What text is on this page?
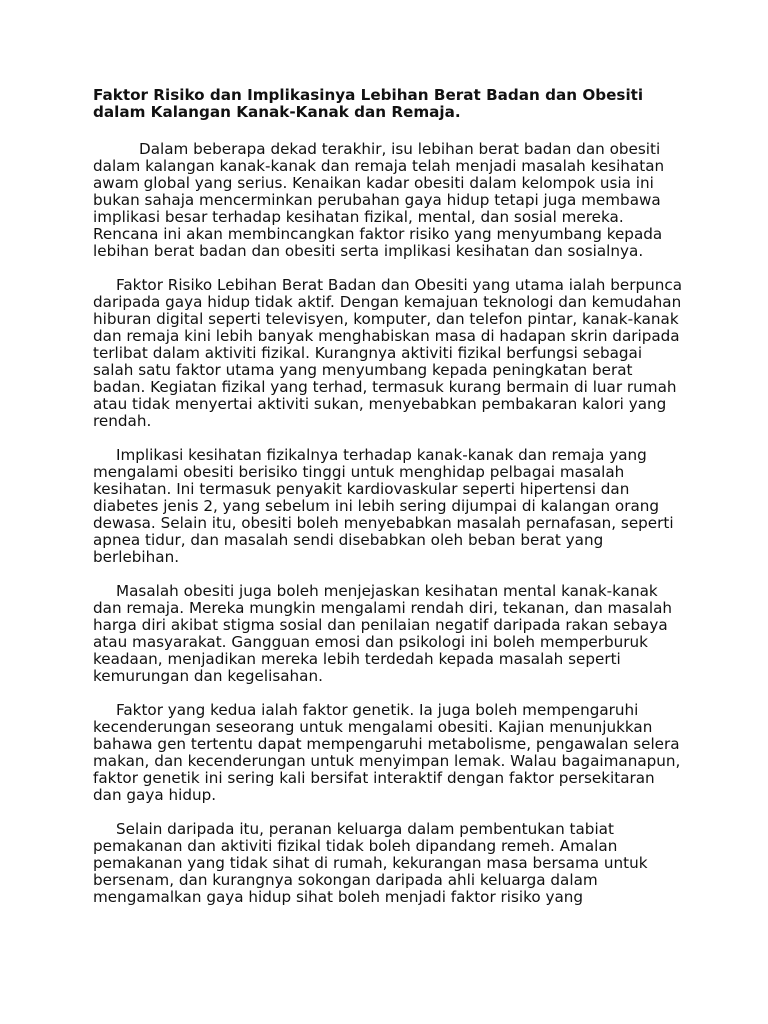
Faktor Risiko dan Implikasinya Lebihan Berat Badan dan Obesiti dalam Kalangan Kanak-Kanak dan Remaja.
Dalam beberapa dekad terakhir, isu lebihan berat badan dan obesiti dalam kalangan kanak-kanak dan remaja telah menjadi masalah kesihatan awam global yang serius. Kenaikan kadar obesiti dalam kelompok usia ini bukan sahaja mencerminkan perubahan gaya hidup tetapi juga membawa implikasi besar terhadap kesihatan fizikal, mental, dan sosial mereka. Rencana ini akan membincangkan faktor risiko yang menyumbang kepada lebihan berat badan dan obesiti serta implikasi kesihatan dan sosialnya.
Faktor Risiko Lebihan Berat Badan dan Obesiti yang utama ialah berpunca daripada gaya hidup tidak aktif. Dengan kemajuan teknologi dan kemudahan hiburan digital seperti televisyen, komputer, dan telefon pintar, kanak-kanak dan remaja kini lebih banyak menghabiskan masa di hadapan skrin daripada terlibat dalam aktiviti fizikal. Kurangnya aktiviti fizikal berfungsi sebagai salah satu faktor utama yang menyumbang kepada peningkatan berat badan. Kegiatan fizikal yang terhad, termasuk kurang bermain di luar rumah atau tidak menyertai aktiviti sukan, menyebabkan pembakaran kalori yang rendah.
Implikasi kesihatan fizikalnya terhadap kanak-kanak dan remaja yang mengalami obesiti berisiko tinggi untuk menghidap pelbagai masalah kesihatan. Ini termasuk penyakit kardiovaskular seperti hipertensi dan diabetes jenis 2, yang sebelum ini lebih sering dijumpai di kalangan orang dewasa. Selain itu, obesiti boleh menyebabkan masalah pernafasan, seperti apnea tidur, dan masalah sendi disebabkan oleh beban berat yang berlebihan.
Masalah obesiti juga boleh menjejaskan kesihatan mental kanak-kanak dan remaja. Mereka mungkin mengalami rendah diri, tekanan, dan masalah harga diri akibat stigma sosial dan penilaian negatif daripada rakan sebaya atau masyarakat. Gangguan emosi dan psikologi ini boleh memperburuk keadaan, menjadikan mereka lebih terdedah kepada masalah seperti kemurungan dan kegelisahan.
Faktor yang kedua ialah faktor genetik. Ia juga boleh mempengaruhi kecenderungan seseorang untuk mengalami obesiti. Kajian menunjukkan bahawa gen tertentu dapat mempengaruhi metabolisme, pengawalan selera makan, dan kecenderungan untuk menyimpan lemak. Walau bagaimanapun, faktor genetik ini sering kali bersifat interaktif dengan faktor persekitaran dan gaya hidup.
Selain daripada itu, peranan keluarga dalam pembentukan tabiat pemakanan dan aktiviti fizikal tidak boleh dipandang remeh. Amalan pemakanan yang tidak sihat di rumah, kekurangan masa bersama untuk bersenam, dan kurangnya sokongan daripada ahli keluarga dalam mengamalkan gaya hidup sihat boleh menjadi faktor risiko yang
